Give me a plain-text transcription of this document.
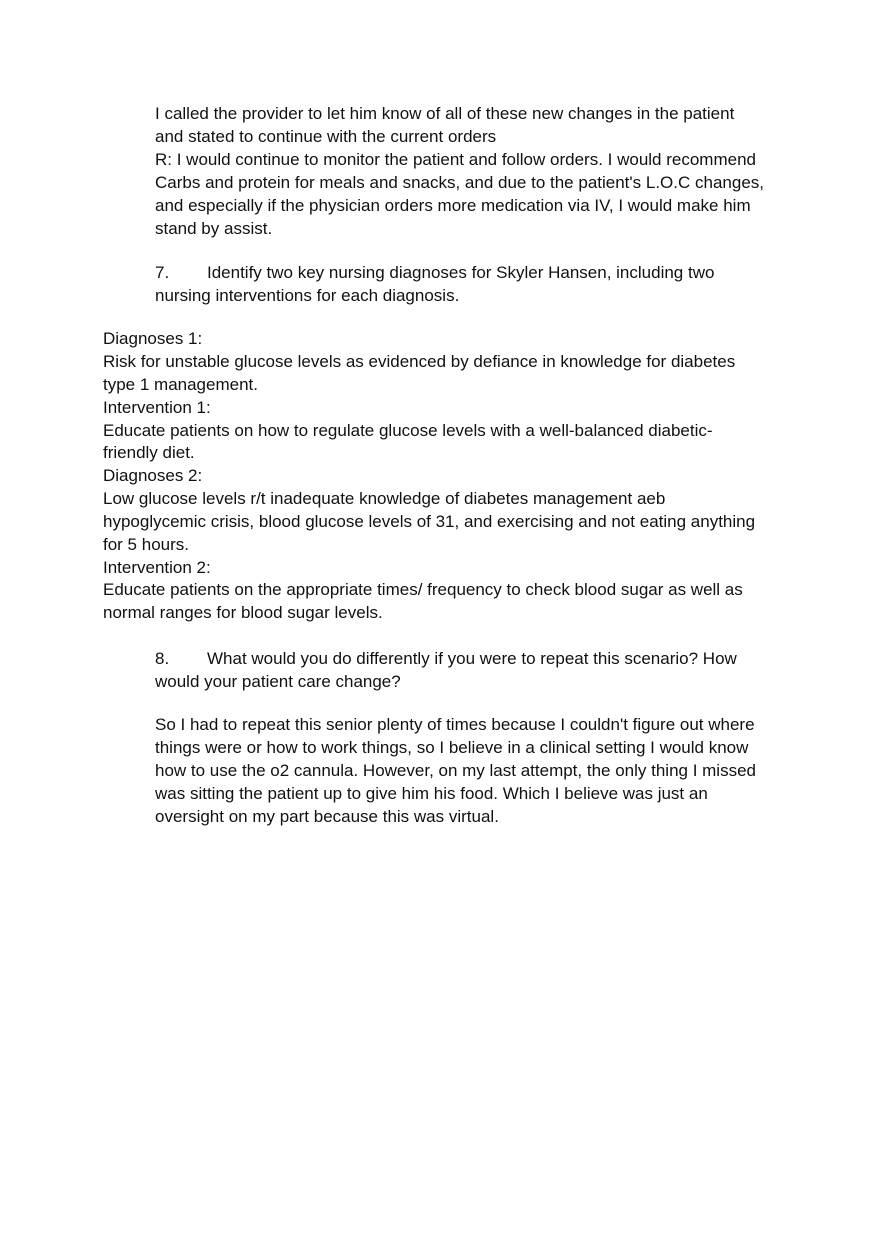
I called the provider to let him know of all of these new changes in the patient
and stated to continue with the current orders
R: I would continue to monitor the patient and follow orders. I would recommend
Carbs and protein for meals and snacks, and due to the patient's L.O.C changes,
and especially if the physician orders more medication via IV, I would make him
stand by assist.
7. Identify two key nursing diagnoses for Skyler Hansen, including two
nursing interventions for each diagnosis.
Diagnoses 1:
Risk for unstable glucose levels as evidenced by defiance in knowledge for diabetes
type 1 management.
Intervention 1:
Educate patients on how to regulate glucose levels with a well-balanced diabetic-
friendly diet.
Diagnoses 2:
Low glucose levels r/t inadequate knowledge of diabetes management aeb
hypoglycemic crisis, blood glucose levels of 31, and exercising and not eating anything
for 5 hours.
Intervention 2:
Educate patients on the appropriate times/ frequency to check blood sugar as well as
normal ranges for blood sugar levels.
8. What would you do differently if you were to repeat this scenario? How
would your patient care change?
So I had to repeat this senior plenty of times because I couldn't figure out where
things were or how to work things, so I believe in a clinical setting I would know
how to use the o2 cannula. However, on my last attempt, the only thing I missed
was sitting the patient up to give him his food. Which I believe was just an
oversight on my part because this was virtual.
